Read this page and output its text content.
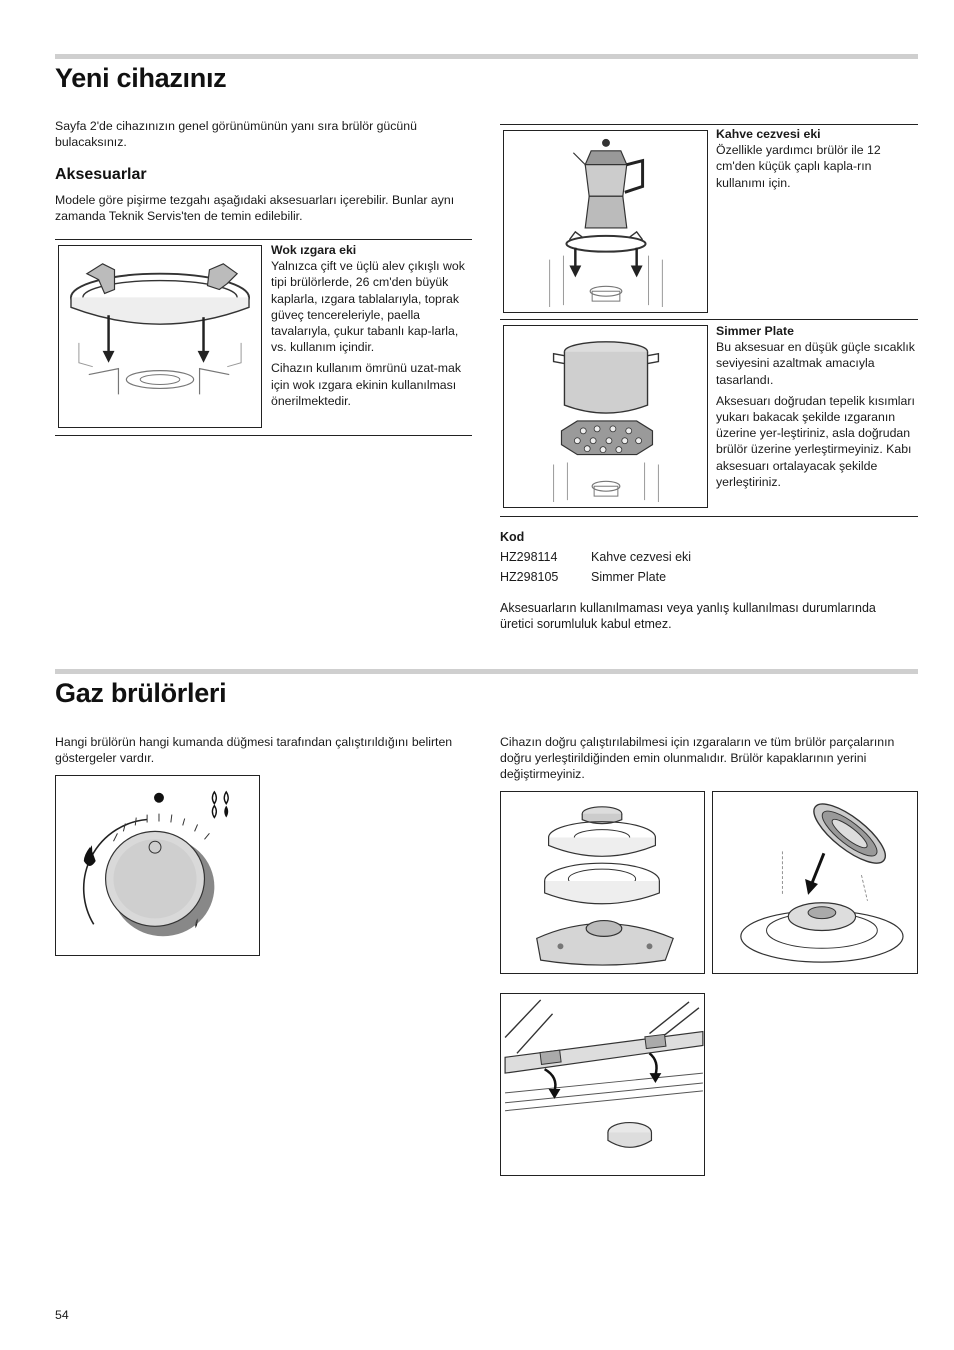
Yeni cihazınız

Sayfa 2'de cihazınızın genel görünümünün yanı sıra brülör gücünü bulacaksınız.

Aksesuarlar

Modele göre pişirme tezgahı aşağıdaki aksesuarları içerebilir. Bunlar aynı zamanda Teknik Servis'ten de temin edilebilir.

Wok ızgara eki

Yalnızca çift ve üçlü alev çıkışlı wok tipi brülörlerde, 26 cm'den büyük kaplarla, ızgara tablalarıyla, toprak güveç tencereleriyle, paella tavalarıyla, çukur tabanlı kap-larla, vs. kullanım içindir.

Cihazın kullanım ömrünü uzat-mak için wok ızgara ekinin kullanılması önerilmektedir.

Kahve cezvesi eki

Özellikle yardımcı brülör ile 12 cm'den küçük çaplı kapla-rın kullanımı için.

Simmer Plate

Bu aksesuar en düşük güçle sıcaklık seviyesini azaltmak amacıyla tasarlandı.

Aksesuarı doğrudan tepelik kısımları yukarı bakacak şekilde ızgaranın üzerine yer-leştiriniz, asla doğrudan brülör üzerine yerleştirmeyiniz. Kabı aksesuarı ortalayacak şekilde yerleştiriniz.

Kod

HZ298114	Kahve cezvesi eki
HZ298105	Simmer Plate

Aksesuarların kullanılmaması veya yanlış kullanılması durumlarında üretici sorumluluk kabul etmez.

Gaz brülörleri

Hangi brülörün hangi kumanda düğmesi tarafından çalıştırıldığını belirten göstergeler vardır.

Cihazın doğru çalıştırılabilmesi için ızgaraların ve tüm brülör parçalarının doğru yerleştirildiğinden emin olunmalıdır. Brülör kapaklarının yerini değiştirmeyiniz.

54
